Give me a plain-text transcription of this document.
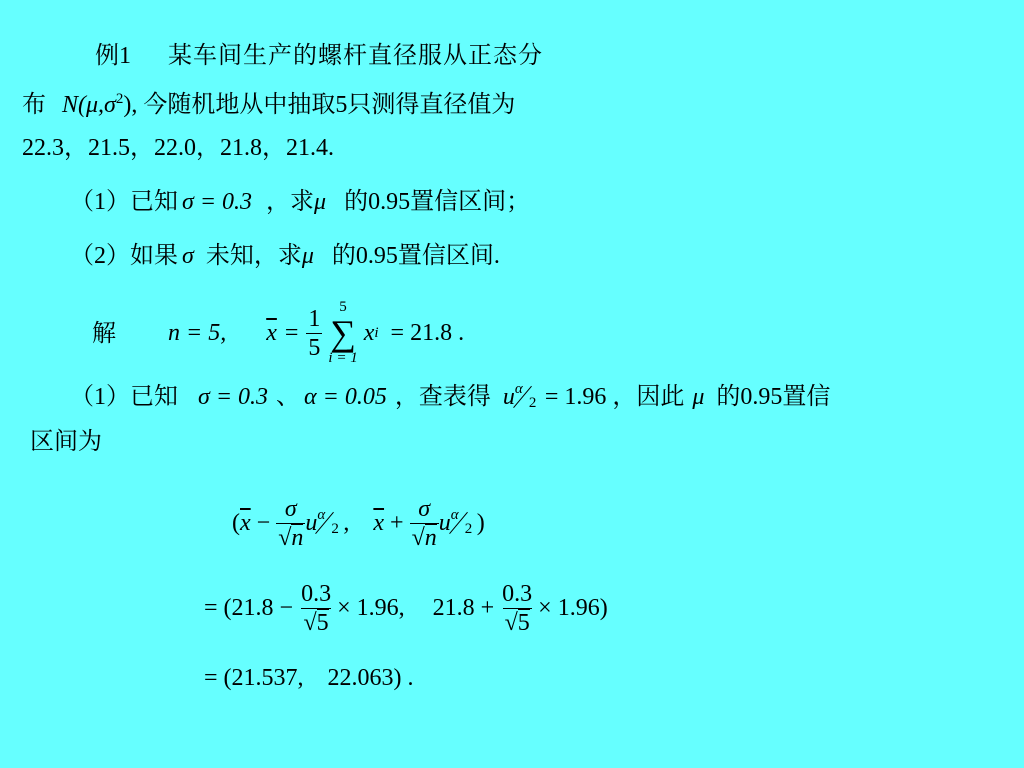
例1 某车间生产的螺杆直径服从正态分
布 $N(\mu,\sigma^2)$, 今随机地从中抽取5只测得直径值为
22.3，21.5，22.0，21.8，21.4.
（1）已知 σ = 0.3 ，求μ 的0.95置信区间；
（2）如果 σ 未知，求μ 的0.95置信区间.
解 n = 5, $\overline{x} = \frac{1}{5} 5$
∑
i = 1
x i = 21.8 .
（1）已知 σ = 0.3 、 α = 0.05 ，查表得 u α
2 = 1.96 ，因此 μ 的0.95置信
区间为
( $\overline{x} - \frac{\sigma}{√n}$ u α
2 , $\overline{x} + \frac{\sigma}{√n}$ u α
2 )
= ($21.8 - \frac{0.3}{√5} \times 1.96$, $21.8 + \frac{0.3}{√5} \times 1.96$)
= (21.537,    22.063) .
